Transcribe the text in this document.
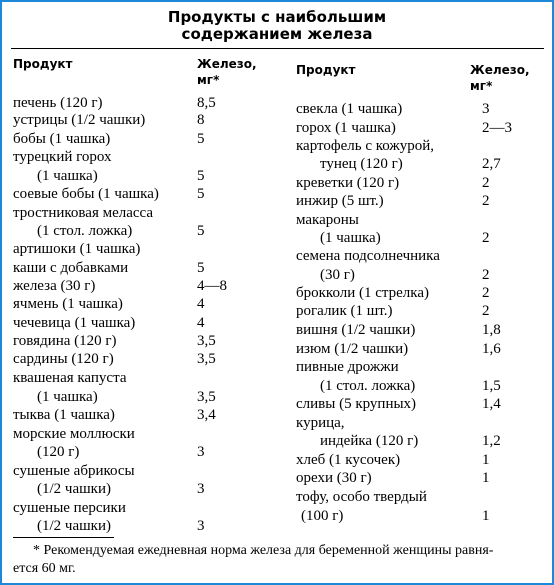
Продукты с наибольшим
содержанием железа
Продукт	Железо,
мг*
Продукт	Железо,
мг*
печень (120 г)	8,5
устрицы (1/2 чашки)	8
бобы (1 чашка)	5
турецкий горох
(1 чашка)	5
соевые бобы (1 чашка)	5
тростниковая меласса
(1 стол. ложка)	5
артишоки (1 чашка)
каши с добавками	5
железа (30 г)	4—8
ячмень (1 чашка)	4
чечевица (1 чашка)	4
говядина (120 г)	3,5
сардины (120 г)	3,5
квашеная капуста
(1 чашка)	3,5
тыква (1 чашка)	3,4
морские моллюски
(120 г)	3
сушеные абрикосы
(1/2 чашки)	3
сушеные персики
(1/2 чашки)	3
свекла (1 чашка)	3
горох (1 чашка)	2—3
картофель с кожурой,
тунец (120 г)	2,7
креветки (120 г)	2
инжир (5 шт.)	2
макароны
(1 чашка)	2
семена подсолнечника
(30 г)	2
брокколи (1 стрелка)	2
рогалик (1 шт.)	2
вишня (1/2 чашки)	1,8
изюм (1/2 чашки)	1,6
пивные дрожжи
(1 стол. ложка)	1,5
сливы (5 крупных)	1,4
курица,
индейка (120 г)	1,2
хлеб (1 кусочек)	1
орехи (30 г)	1
тофу, особо твердый
(100 г)	1
* Рекомендуемая ежедневная норма железа для беременной женщины равня-
ется 60 мг.
